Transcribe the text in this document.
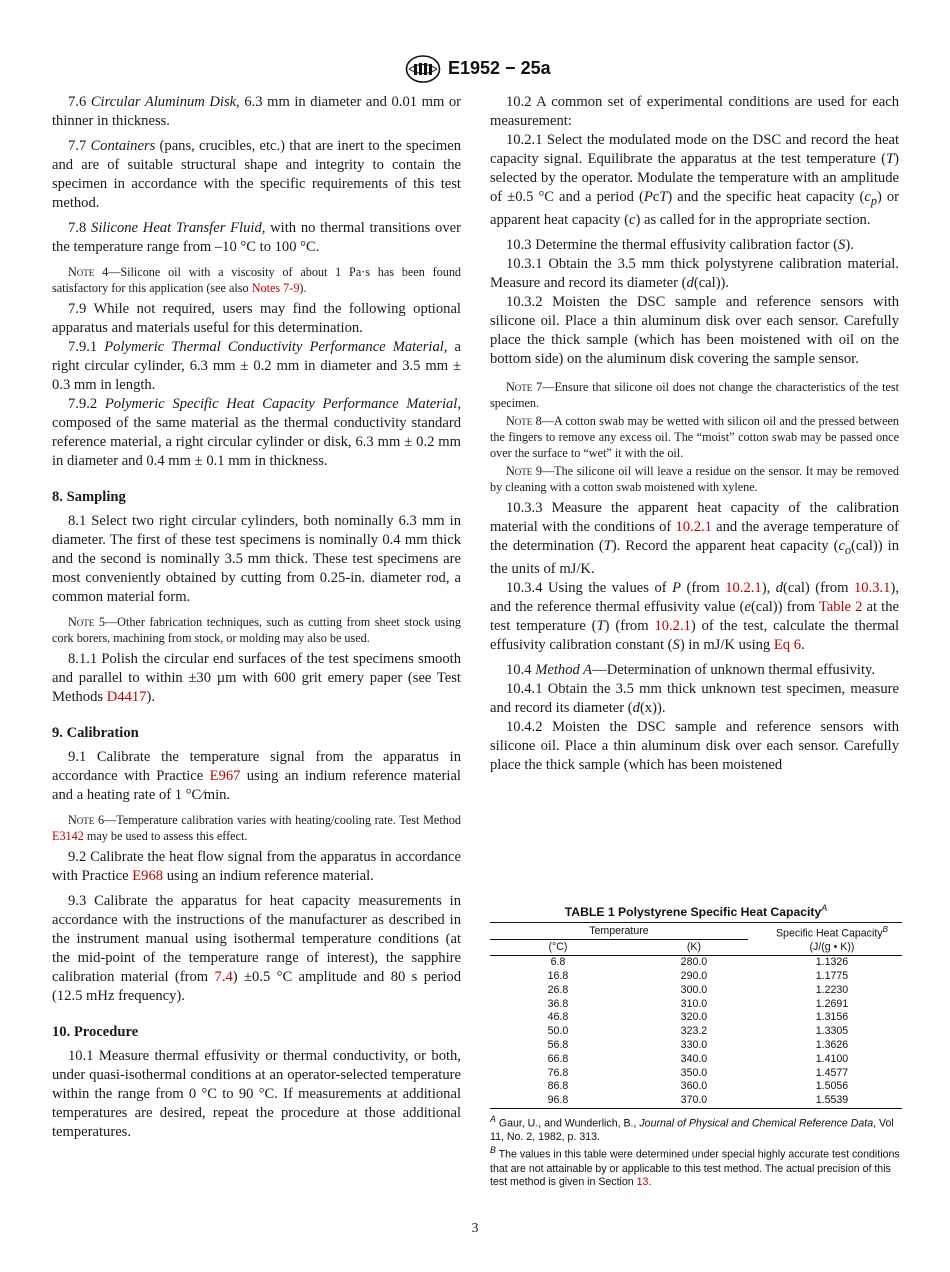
E1952 − 25a

7.6 Circular Aluminum Disk, 6.3 mm in diameter and 0.01 mm or thinner in thickness.

7.7 Containers (pans, crucibles, etc.) that are inert to the specimen and are of suitable structural shape and integrity to contain the specimen in accordance with the specific requirements of this test method.

7.8 Silicone Heat Transfer Fluid, with no thermal transitions over the temperature range from –10 °C to 100 °C.

Note 4—Silicone oil with a viscosity of about 1 Pa·s has been found satisfactory for this application (see also Notes 7-9).

7.9 While not required, users may find the following optional apparatus and materials useful for this determination.

7.9.1 Polymeric Thermal Conductivity Performance Material, a right circular cylinder, 6.3 mm ± 0.2 mm in diameter and 3.5 mm ± 0.3 mm in length.

7.9.2 Polymeric Specific Heat Capacity Performance Material, composed of the same material as the thermal conductivity standard reference material, a right circular cylinder or disk, 6.3 mm ± 0.2 mm in diameter and 0.4 mm ± 0.1 mm in thickness.

8. Sampling

8.1 Select two right circular cylinders, both nominally 6.3 mm in diameter. The first of these test specimens is nominally 0.4 mm thick and the second is nominally 3.5 mm thick. These test specimens are most conveniently obtained by cutting from 0.25-in. diameter rod, a common material form.

Note 5—Other fabrication techniques, such as cutting from sheet stock using cork borers, machining from stock, or molding may also be used.

8.1.1 Polish the circular end surfaces of the test specimens smooth and parallel to within ±30 µm with 600 grit emery paper (see Test Methods D4417).

9. Calibration

9.1 Calibrate the temperature signal from the apparatus in accordance with Practice E967 using an indium reference material and a heating rate of 1 °C⁄min.

Note 6—Temperature calibration varies with heating/cooling rate. Test Method E3142 may be used to assess this effect.

9.2 Calibrate the heat flow signal from the apparatus in accordance with Practice E968 using an indium reference material.

9.3 Calibrate the apparatus for heat capacity measurements in accordance with the instructions of the manufacturer as described in the instrument manual using isothermal temperature conditions (at the mid-point of the temperature range of interest), the sapphire calibration material (from 7.4) ±0.5 °C amplitude and 80 s period (12.5 mHz frequency).

10. Procedure

10.1 Measure thermal effusivity or thermal conductivity, or both, under quasi-isothermal conditions at an operator-selected temperature within the range from 0 °C to 90 °C. If measurements at additional temperatures are desired, repeat the procedure at those additional temperatures.

10.2 A common set of experimental conditions are used for each measurement:

10.2.1 Select the modulated mode on the DSC and record the heat capacity signal. Equilibrate the apparatus at the test temperature (T) selected by the operator. Modulate the temperature with an amplitude of ±0.5 °C and a period (PcT) and the specific heat capacity $(c_p)$ or apparent heat capacity (c) as called for in the appropriate section.

10.3 Determine the thermal effusivity calibration factor (S).

10.3.1 Obtain the 3.5 mm thick polystyrene calibration material. Measure and record its diameter (d(cal)).

10.3.2 Moisten the DSC sample and reference sensors with silicone oil. Place a thin aluminum disk over each sensor. Carefully place the thick sample (which has been moistened with oil on the bottom side) on the aluminum disk covering the sample sensor.

Note 7—Ensure that silicone oil does not change the characteristics of the test specimen.

Note 8—A cotton swab may be wetted with silicon oil and the pressed between the fingers to remove any excess oil. The “moist” cotton swab may be passed once over the surface to “wet” it with the oil.

Note 9—The silicone oil will leave a residue on the sensor. It may be removed by cleaning with a cotton swab moistened with xylene.

10.3.3 Measure the apparent heat capacity of the calibration material with the conditions of 10.2.1 and the average temperature of the determination (T). Record the apparent heat capacity $(c_o(cal))$ in the units of mJ/K.

10.3.4 Using the values of P (from 10.2.1), d(cal) (from 10.3.1), and the reference thermal effusivity value (e(cal)) from Table 2 at the test temperature (T) (from 10.2.1) of the test, calculate the thermal effusivity calibration constant (S) in mJ/K using Eq 6.

10.4 Method A—Determination of unknown thermal effusivity.

10.4.1 Obtain the 3.5 mm thick unknown test specimen, measure and record its diameter (d(x)).

10.4.2 Moisten the DSC sample and reference sensors with silicone oil. Place a thin aluminum disk over each sensor. Carefully place the thick sample (which has been moistened

TABLE 1 Polystyrene Specific Heat Capacity$^A$
Temperature		Specific Heat Capacity$^B$
(°C)	(K)	(J/(g • K))
6.8	280.0	1.1326
16.8	290.0	1.1775
26.8	300.0	1.2230
36.8	310.0	1.2691
46.8	320.0	1.3156
50.0	323.2	1.3305
56.8	330.0	1.3626
66.8	340.0	1.4100
76.8	350.0	1.4577
86.8	360.0	1.5056
96.8	370.0	1.5539

$^A$ Gaur, U., and Wunderlich, B., Journal of Physical and Chemical Reference Data, Vol 11, No. 2, 1982, p. 313.

$^B$ The values in this table were determined under special highly accurate test conditions that are not attainable by or applicable to this test method. The actual precision of this test method is given in Section 13.

3
